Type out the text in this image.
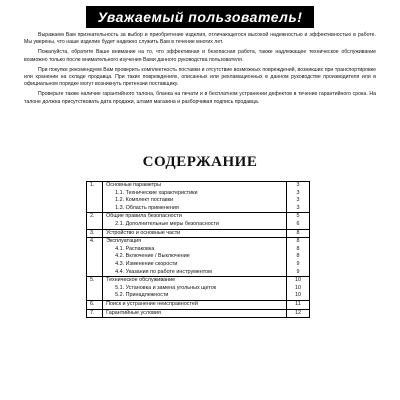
Уважаемый пользователь!

Выражаем Вам признательность за выбор и приобретение изделия, отличающегося высокой надежностью и эффективностью в работе. Мы уверены, что наше изделие будет надежно служить Вам в течение многих лет.

Пожалуйста, обратите Ваше внимание на то, что эффективная и безопасная работа, также надлежащее техническое обслуживание возможно только после внимательного изучения Вами данного руководства пользователя.

При покупке рекомендуем Вам проверить комплектность поставки и отсутствие возможных повреждений, возникших при транспортировке или хранении на складе продавца. При таких повреждениях, описанных или рекламационных в данном руководстве производителя или в официальном порядке могут возникнуть претензии поставщику.

Проверьте также наличие гарантийного талона, бланка на печати и в бесплатном устранении дефектов в течение гарантийного срока. На талоне должна присутствовать дата продажи, штамп магазина и разборчивая подпись продавца.

СОДЕРЖАНИЕ
1.	Основные параметры	3
	1.1. Технические характеристики	3
	1.2. Комплект поставки	3
	1.3. Область применения	3
2.	Общие правила безопасности	5
	2.1. Дополнительные меры безопасности	6
3.	Устройство и основные части	8
4.	Эксплуатация	8
	4.1. Распаковка	8
	4.2. Включение / Выключение	8
	4.3. Изменение скорости	9
	4.4. Указания по работе инструментом	9
5.	Техническое обслуживание	10
	5.1. Установка и замена угольных щеток	10
	5.2. Принадлежности	10
6.	Поиск и устранение неисправностей	11
7.	Гарантийные условия	12
